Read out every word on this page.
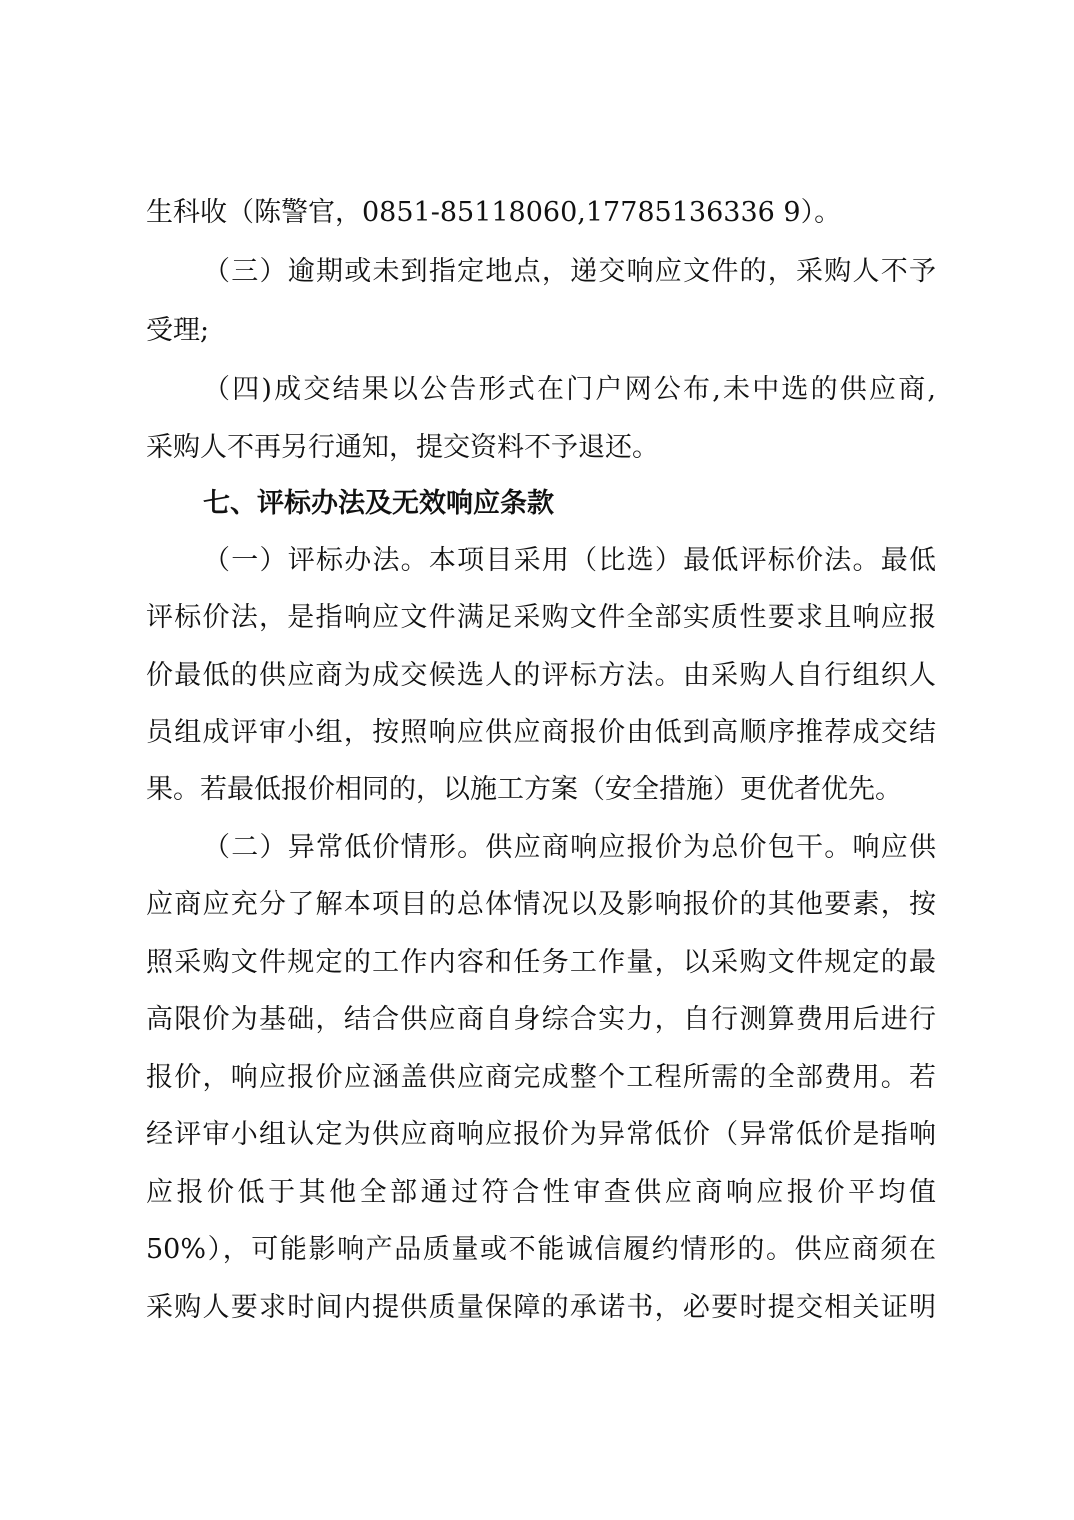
生科收（陈警官，0851-85118060,17785136336 9）。
（三）逾期或未到指定地点，递交响应文件的，采购人不予
受理;
（四)成交结果以公告形式在门户网公布,未中选的供应商,
采购人不再另行通知，提交资料不予退还。
七、评标办法及无效响应条款
（一）评标办法。本项目采用（比选）最低评标价法。最低
评标价法，是指响应文件满足采购文件全部实质性要求且响应报
价最低的供应商为成交候选人的评标方法。由采购人自行组织人
员组成评审小组，按照响应供应商报价由低到高顺序推荐成交结
果。若最低报价相同的，以施工方案（安全措施）更优者优先。
（二）异常低价情形。供应商响应报价为总价包干。响应供
应商应充分了解本项目的总体情况以及影响报价的其他要素，按
照采购文件规定的工作内容和任务工作量，以采购文件规定的最
高限价为基础，结合供应商自身综合实力，自行测算费用后进行
报价，响应报价应涵盖供应商完成整个工程所需的全部费用。若
经评审小组认定为供应商响应报价为异常低价（异常低价是指响
应报价低于其他全部通过符合性审查供应商响应报价平均值
50%），可能影响产品质量或不能诚信履约情形的。供应商须在
采购人要求时间内提供质量保障的承诺书，必要时提交相关证明
